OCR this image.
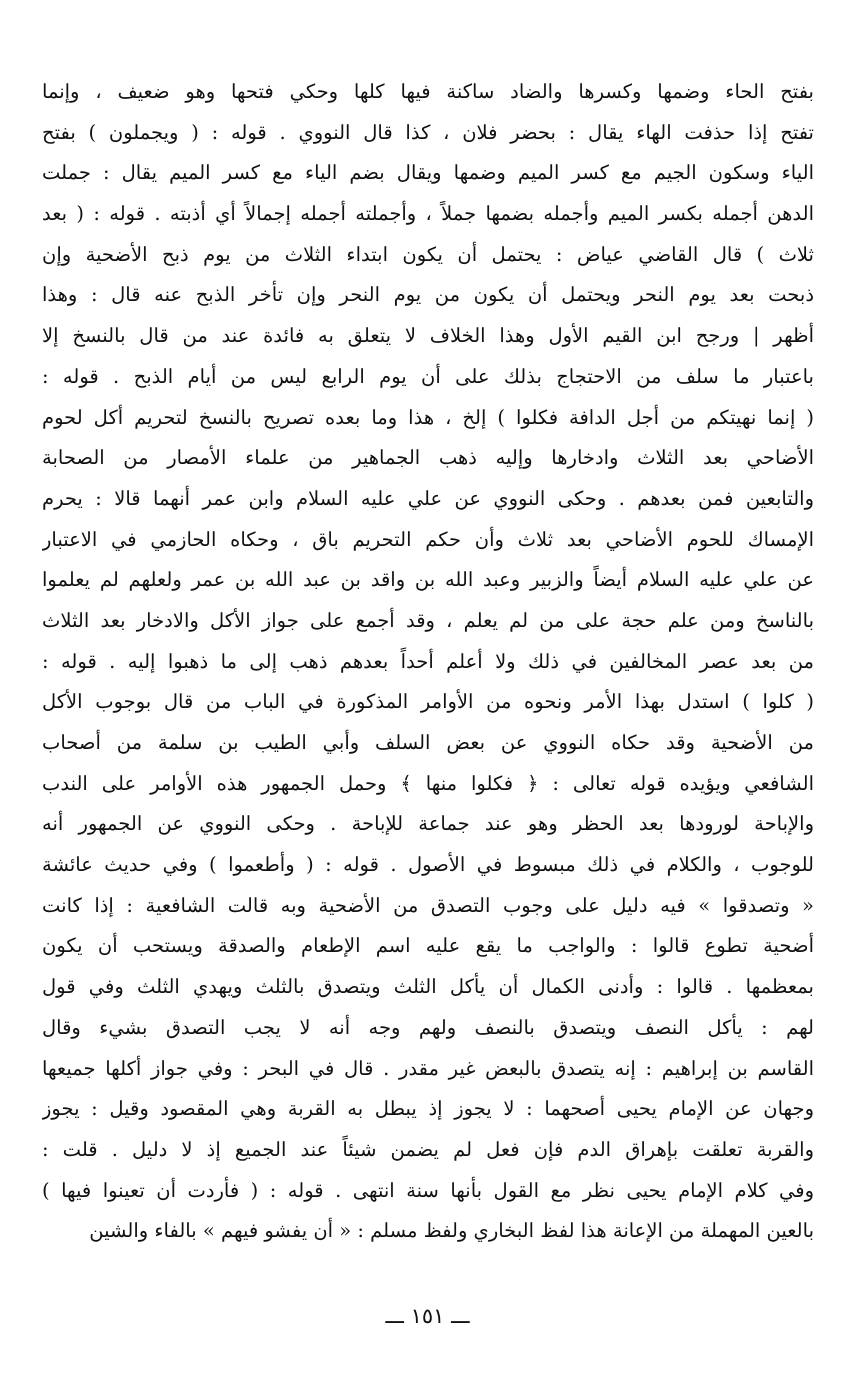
بفتح الحاء وضمها وكسرها والضاد ساكنة فيها كلها وحكي فتحها وهو ضعيف ، وإنما
تفتح إذا حذفت الهاء يقال : بحضر فلان ، كذا قال النووي . قوله : ( ويجملون ) بفتح
الياء وسكون الجيم مع كسر الميم وضمها ويقال بضم الياء مع كسر الميم يقال : جملت
الدهن أجمله بكسر الميم وأجمله بضمها جملاً ، وأجملته أجمله إجمالاً أي أذبته . قوله : ( بعد
ثلاث ) قال القاضي عياض : يحتمل أن يكون ابتداء الثلاث من يوم ذبح الأضحية وإن
ذبحت بعد يوم النحر ويحتمل أن يكون من يوم النحر وإن تأخر الذبح عنه قال : وهذا
أظهر | ورجح ابن القيم الأول وهذا الخلاف لا يتعلق به فائدة عند من قال بالنسخ إلا
باعتبار ما سلف من الاحتجاج بذلك على أن يوم الرابع ليس من أيام الذبح . قوله :
( إنما نهيتكم من أجل الدافة فكلوا ) إلخ ، هذا وما بعده تصريح بالنسخ لتحريم أكل لحوم
الأضاحي بعد الثلاث وادخارها وإليه ذهب الجماهير من علماء الأمصار من الصحابة
والتابعين فمن بعدهم . وحكى النووي عن علي عليه السلام وابن عمر أنهما قالا : يحرم
الإمساك للحوم الأضاحي بعد ثلاث وأن حكم التحريم باق ، وحكاه الحازمي في الاعتبار
عن علي عليه السلام أيضاً والزبير وعبد الله بن واقد بن عبد الله بن عمر ولعلهم لم يعلموا
بالناسخ ومن علم حجة على من لم يعلم ، وقد أجمع على جواز الأكل والادخار بعد الثلاث
من بعد عصر المخالفين في ذلك ولا أعلم أحداً بعدهم ذهب إلى ما ذهبوا إليه . قوله :
( كلوا ) استدل بهذا الأمر ونحوه من الأوامر المذكورة في الباب من قال بوجوب الأكل
من الأضحية وقد حكاه النووي عن بعض السلف وأبي الطيب بن سلمة من أصحاب
الشافعي ويؤيده قوله تعالى : ﴿ فكلوا منها ﴾ وحمل الجمهور هذه الأوامر على الندب
والإباحة لورودها بعد الحظر وهو عند جماعة للإباحة . وحكى النووي عن الجمهور أنه
للوجوب ، والكلام في ذلك مبسوط في الأصول . قوله : ( وأطعموا ) وفي حديث عائشة
« وتصدقوا » فيه دليل على وجوب التصدق من الأضحية وبه قالت الشافعية : إذا كانت
أضحية تطوع قالوا : والواجب ما يقع عليه اسم الإطعام والصدقة ويستحب أن يكون
بمعظمها . قالوا : وأدنى الكمال أن يأكل الثلث ويتصدق بالثلث ويهدي الثلث وفي قول
لهم : يأكل النصف ويتصدق بالنصف ولهم وجه أنه لا يجب التصدق بشيء وقال
القاسم بن إبراهيم : إنه يتصدق بالبعض غير مقدر . قال في البحر : وفي جواز أكلها جميعها
وجهان عن الإمام يحيى أصحهما : لا يجوز إذ يبطل به القربة وهي المقصود وقيل : يجوز
والقربة تعلقت بإهراق الدم فإن فعل لم يضمن شيئاً عند الجميع إذ لا دليل . قلت :
وفي كلام الإمام يحيى نظر مع القول بأنها سنة انتهى . قوله : ( فأردت أن تعينوا فيها )
بالعين المهملة من الإعانة هذا لفظ البخاري ولفظ مسلم : « أن يفشو فيهم » بالفاء والشين
ـــ ١٥١ ـــ
